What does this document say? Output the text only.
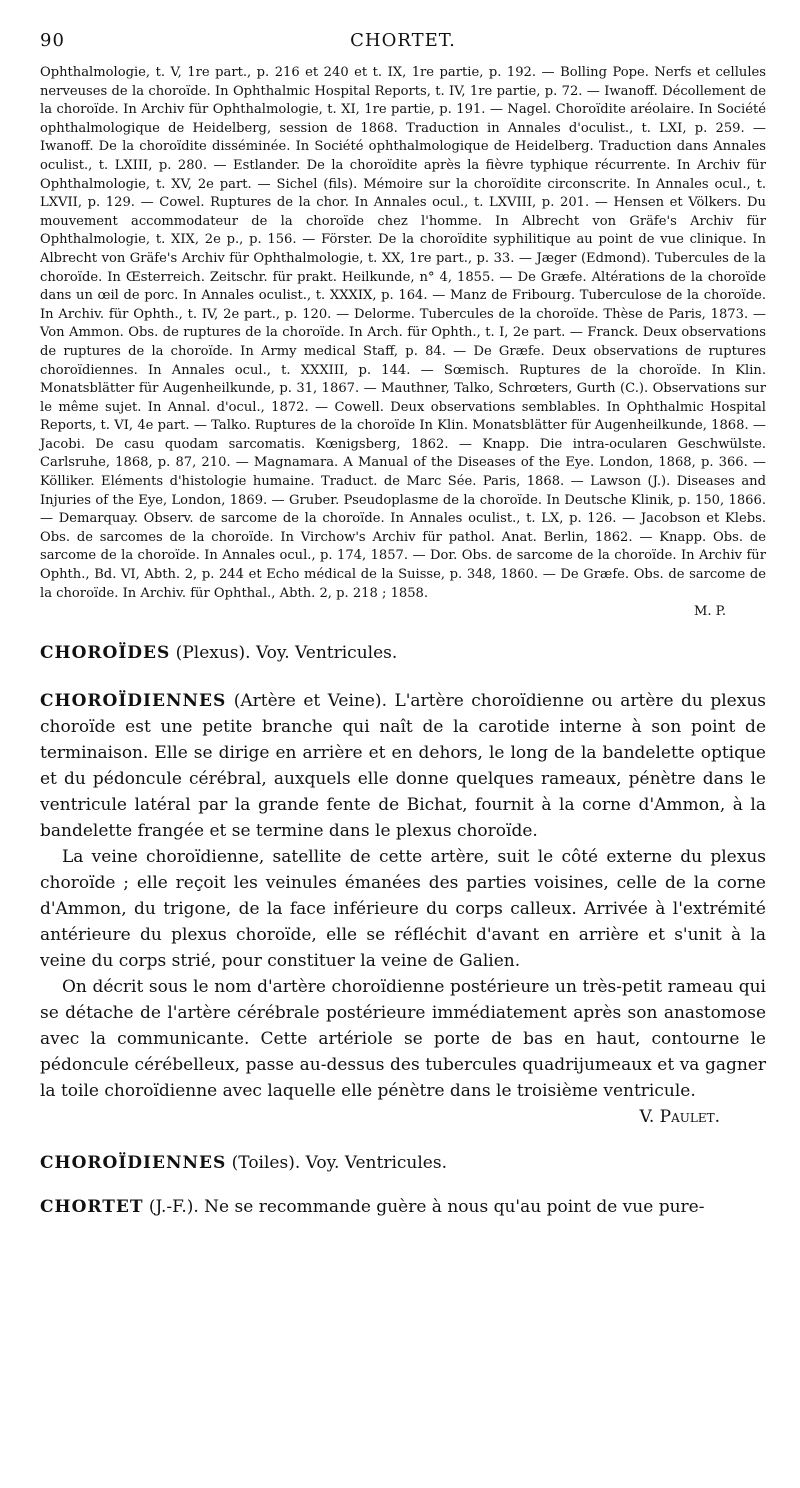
90	CHORTET.
Ophthalmologie, t. V, 1re part., p. 216 et 240 et t. IX, 1re partie, p. 192. — Bolling Pope. Nerfs et cellules nerveuses de la choroïde. In Ophthalmic Hospital Reports, t. IV, 1re partie, p. 72. — Iwanoff. Décollement de la choroïde. In Archiv für Ophthalmologie, t. XI, 1re partie, p. 191. — Nagel. Choroïdite aréolaire. In Société ophthalmologique de Heidelberg, session de 1868. Traduction in Annales d'oculist., t. LXI, p. 259. — Iwanoff. De la choroïdite disséminée. In Société ophthalmologique de Heidelberg. Traduction dans Annales oculist., t. LXIII, p. 280. — Estlander. De la choroïdite après la fièvre typhique récurrente. In Archiv für Ophthalmologie, t. XV, 2e part. — Sichel (fils). Mémoire sur la choroïdite circonscrite. In Annales ocul., t. LXVII, p. 129. — Cowel. Ruptures de la chor. In Annales ocul., t. LXVIII, p. 201. — Hensen et Völkers. Du mouvement accommodateur de la choroïde chez l'homme. In Albrecht von Gräfe's Archiv für Ophthalmologie, t. XIX, 2e p., p. 156. — Förster. De la choroïdite syphilitique au point de vue clinique. In Albrecht von Gräfe's Archiv für Ophthalmologie, t. XX, 1re part., p. 33. — Jæger (Edmond). Tubercules de la choroïde. In Œsterreich. Zeitschr. für prakt. Heilkunde, n° 4, 1855. — De Græfe. Altérations de la choroïde dans un œil de porc. In Annales oculist., t. XXXIX, p. 164. — Manz de Fribourg. Tuberculose de la choroïde. In Archiv. für Ophth., t. IV, 2e part., p. 120. — Delorme. Tubercules de la choroïde. Thèse de Paris, 1873. — Von Ammon. Obs. de ruptures de la choroïde. In Arch. für Ophth., t. I, 2e part. — Franck. Deux observations de ruptures de la choroïde. In Army medical Staff, p. 84. — De Græfe. Deux observations de ruptures choroïdiennes. In Annales ocul., t. XXXIII, p. 144. — Sœmisch. Ruptures de la choroïde. In Klin. Monatsblätter für Augenheilkunde, p. 31, 1867. — Mauthner, Talko, Schrœters, Gurth (C.). Observations sur le même sujet. In Annal. d'ocul., 1872. — Cowell. Deux observations semblables. In Ophthalmic Hospital Reports, t. VI, 4e part. — Talko. Ruptures de la choroïde In Klin. Monatsblätter für Augenheilkunde, 1868. — Jacobi. De casu quodam sarcomatis. Kœnigsberg, 1862. — Knapp. Die intra-ocularen Geschwülste. Carlsruhe, 1868, p. 87, 210. — Magnamara. A Manual of the Diseases of the Eye. London, 1868, p. 366. — Kölliker. Eléments d'histologie humaine. Traduct. de Marc Sée. Paris, 1868. — Lawson (J.). Diseases and Injuries of the Eye, London, 1869. — Gruber. Pseudoplasme de la choroïde. In Deutsche Klinik, p. 150, 1866. — Demarquay. Observ. de sarcome de la choroïde. In Annales oculist., t. LX, p. 126. — Jacobson et Klebs. Obs. de sarcomes de la choroïde. In Virchow's Archiv für pathol. Anat. Berlin, 1862. — Knapp. Obs. de sarcome de la choroïde. In Annales ocul., p. 174, 1857. — Dor. Obs. de sarcome de la choroïde. In Archiv für Ophth., Bd. VI, Abth. 2, p. 244 et Echo médical de la Suisse, p. 348, 1860. — De Græfe. Obs. de sarcome de la choroïde. In Archiv. für Ophthal., Abth. 2, p. 218 ; 1858.
M. P.

CHOROÏDES (Plexus). Voy. Ventricules.

CHOROÏDIENNES (Artère et Veine). L'artère choroïdienne ou artère du plexus choroïde est une petite branche qui naît de la carotide interne à son point de terminaison. Elle se dirige en arrière et en dehors, le long de la bandelette optique et du pédoncule cérébral, auxquels elle donne quelques rameaux, pénètre dans le ventricule latéral par la grande fente de Bichat, fournit à la corne d'Ammon, à la bandelette frangée et se termine dans le plexus choroïde.

La veine choroïdienne, satellite de cette artère, suit le côté externe du plexus choroïde ; elle reçoit les veinules émanées des parties voisines, celle de la corne d'Ammon, du trigone, de la face inférieure du corps calleux. Arrivée à l'extrémité antérieure du plexus choroïde, elle se réfléchit d'avant en arrière et s'unit à la veine du corps strié, pour constituer la veine de Galien.

On décrit sous le nom d'artère choroïdienne postérieure un très-petit rameau qui se détache de l'artère cérébrale postérieure immédiatement après son anastomose avec la communicante. Cette artériole se porte de bas en haut, contourne le pédoncule cérébelleux, passe au-dessus des tubercules quadrijumeaux et va gagner la toile choroïdienne avec laquelle elle pénètre dans le troisième ventricule.

V. Paulet.

CHOROÏDIENNES (Toiles). Voy. Ventricules.

CHORTET (J.-F.). Ne se recommande guère à nous qu'au point de vue pure-
